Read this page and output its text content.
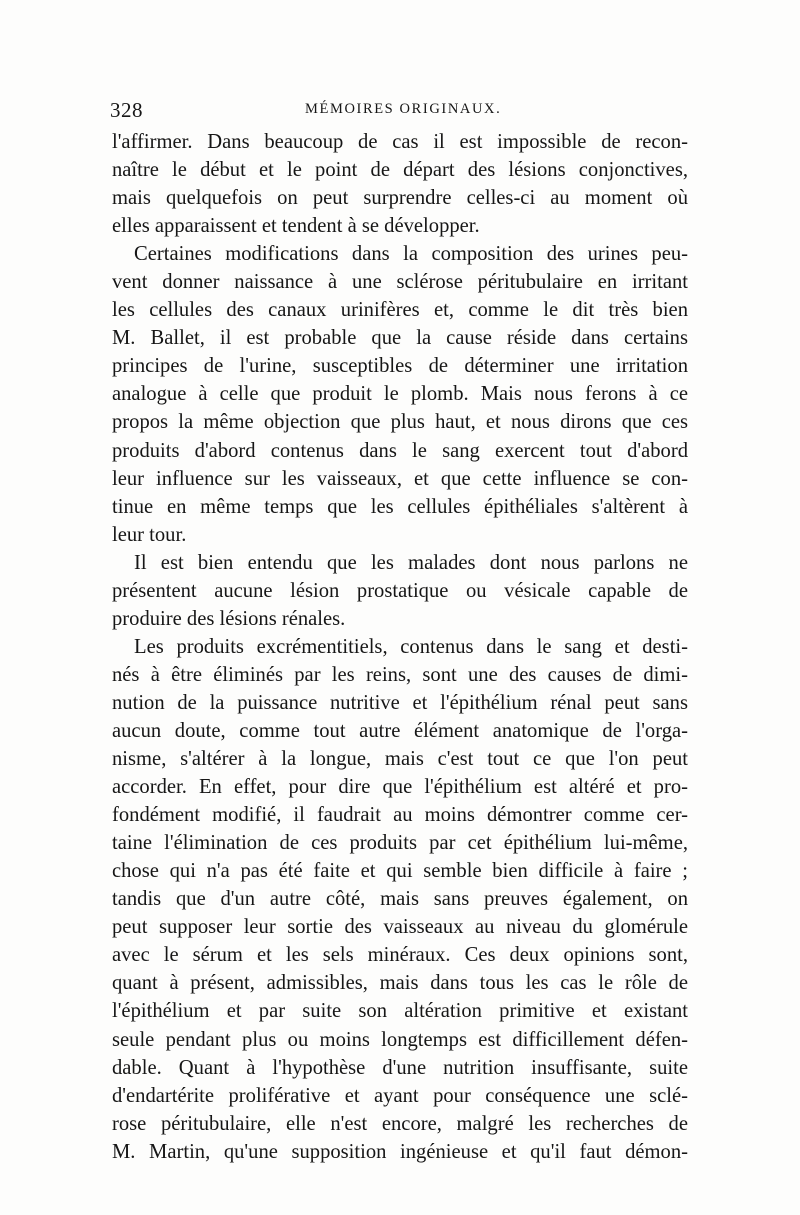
328	MÉMOIRES ORIGINAUX.
l'affirmer. Dans beaucoup de cas il est impossible de recon-
naître le début et le point de départ des lésions conjonctives,
mais quelquefois on peut surprendre celles-ci au moment où
elles apparaissent et tendent à se développer.
Certaines modifications dans la composition des urines peu-
vent donner naissance à une sclérose péritubulaire en irritant
les cellules des canaux urinifères et, comme le dit très bien
M. Ballet, il est probable que la cause réside dans certains
principes de l'urine, susceptibles de déterminer une irritation
analogue à celle que produit le plomb. Mais nous ferons à ce
propos la même objection que plus haut, et nous dirons que ces
produits d'abord contenus dans le sang exercent tout d'abord
leur influence sur les vaisseaux, et que cette influence se con-
tinue en même temps que les cellules épithéliales s'altèrent à
leur tour.
Il est bien entendu que les malades dont nous parlons ne
présentent aucune lésion prostatique ou vésicale capable de
produire des lésions rénales.
Les produits excrémentitiels, contenus dans le sang et desti-
nés à être éliminés par les reins, sont une des causes de dimi-
nution de la puissance nutritive et l'épithélium rénal peut sans
aucun doute, comme tout autre élément anatomique de l'orga-
nisme, s'altérer à la longue, mais c'est tout ce que l'on peut
accorder. En effet, pour dire que l'épithélium est altéré et pro-
fondément modifié, il faudrait au moins démontrer comme cer-
taine l'élimination de ces produits par cet épithélium lui-même,
chose qui n'a pas été faite et qui semble bien difficile à faire ;
tandis que d'un autre côté, mais sans preuves également, on
peut supposer leur sortie des vaisseaux au niveau du glomérule
avec le sérum et les sels minéraux. Ces deux opinions sont,
quant à présent, admissibles, mais dans tous les cas le rôle de
l'épithélium et par suite son altération primitive et existant
seule pendant plus ou moins longtemps est difficillement défen-
dable. Quant à l'hypothèse d'une nutrition insuffisante, suite
d'endartérite proliférative et ayant pour conséquence une sclé-
rose péritubulaire, elle n'est encore, malgré les recherches de
M. Martin, qu'une supposition ingénieuse et qu'il faut démon-
